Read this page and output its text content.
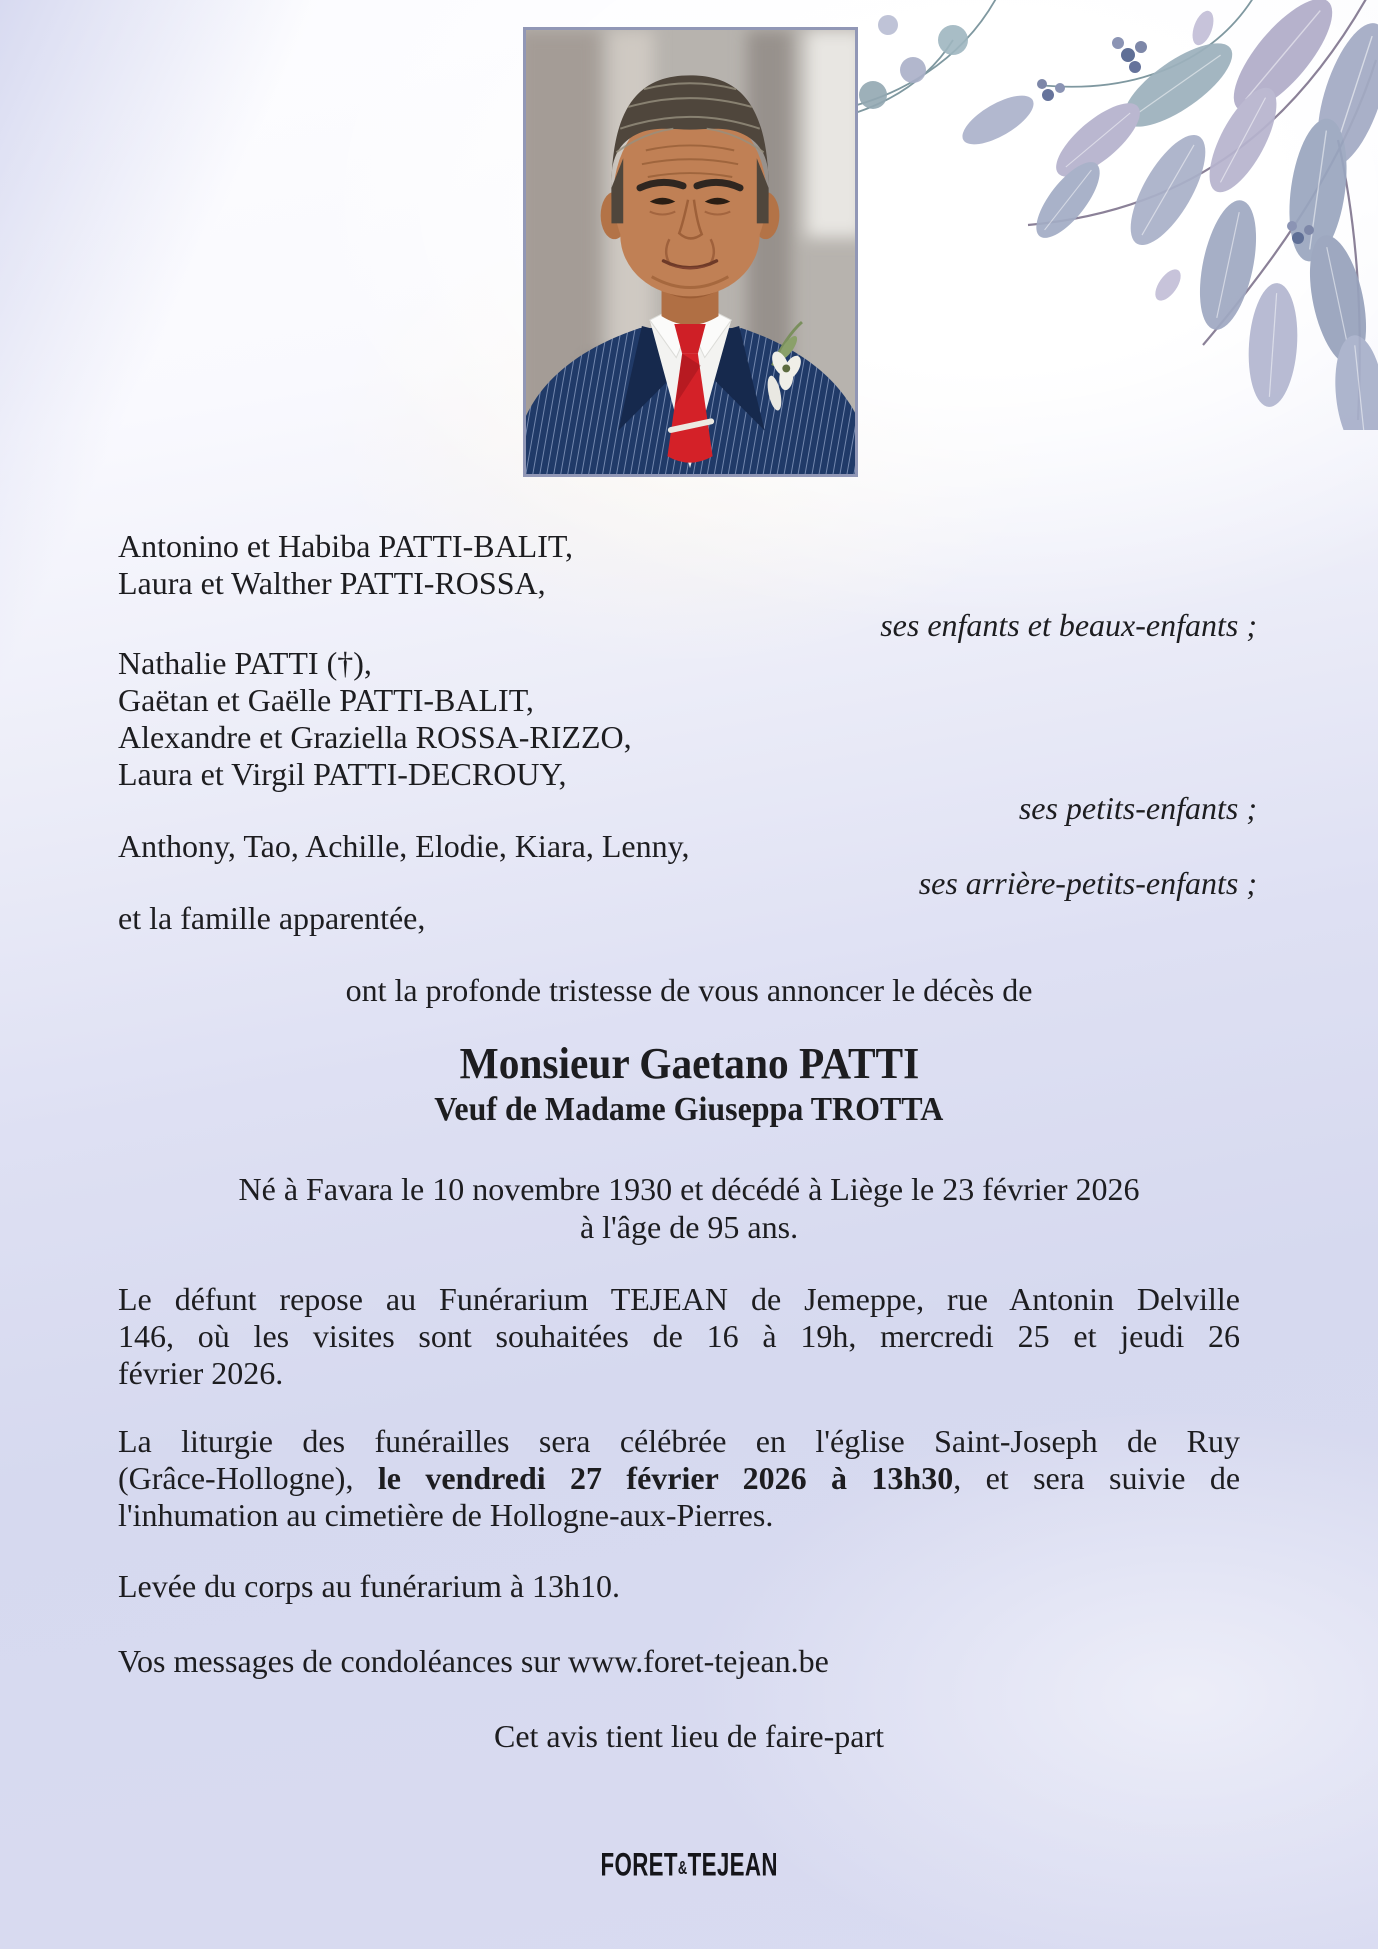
Antonino et Habiba PATTI-BALIT,
Laura et Walther PATTI-ROSSA,
ses enfants et beaux-enfants ;
Nathalie PATTI (†),
Gaëtan et Gaëlle PATTI-BALIT,
Alexandre et Graziella ROSSA-RIZZO,
Laura et Virgil PATTI-DECROUY,
ses petits-enfants ;
Anthony, Tao, Achille, Elodie, Kiara, Lenny,
ses arrière-petits-enfants ;
et la famille apparentée,
ont la profonde tristesse de vous annoncer le décès de
Monsieur Gaetano PATTI
Veuf de Madame Giuseppa TROTTA
Né à Favara le 10 novembre 1930 et décédé à Liège le 23 février 2026
à l'âge de 95 ans.
Le défunt repose au Funérarium TEJEAN de Jemeppe, rue Antonin Delville
146, où les visites sont souhaitées de 16 à 19h, mercredi 25 et jeudi 26
février 2026.
La liturgie des funérailles sera célébrée en l'église Saint-Joseph de Ruy
(Grâce-Hollogne), le vendredi 27 février 2026 à 13h30, et sera suivie de
l'inhumation au cimetière de Hollogne-aux-Pierres.
Levée du corps au funérarium à 13h10.
Vos messages de condoléances sur www.foret-tejean.be
Cet avis tient lieu de faire-part
FORET&TEJEAN
